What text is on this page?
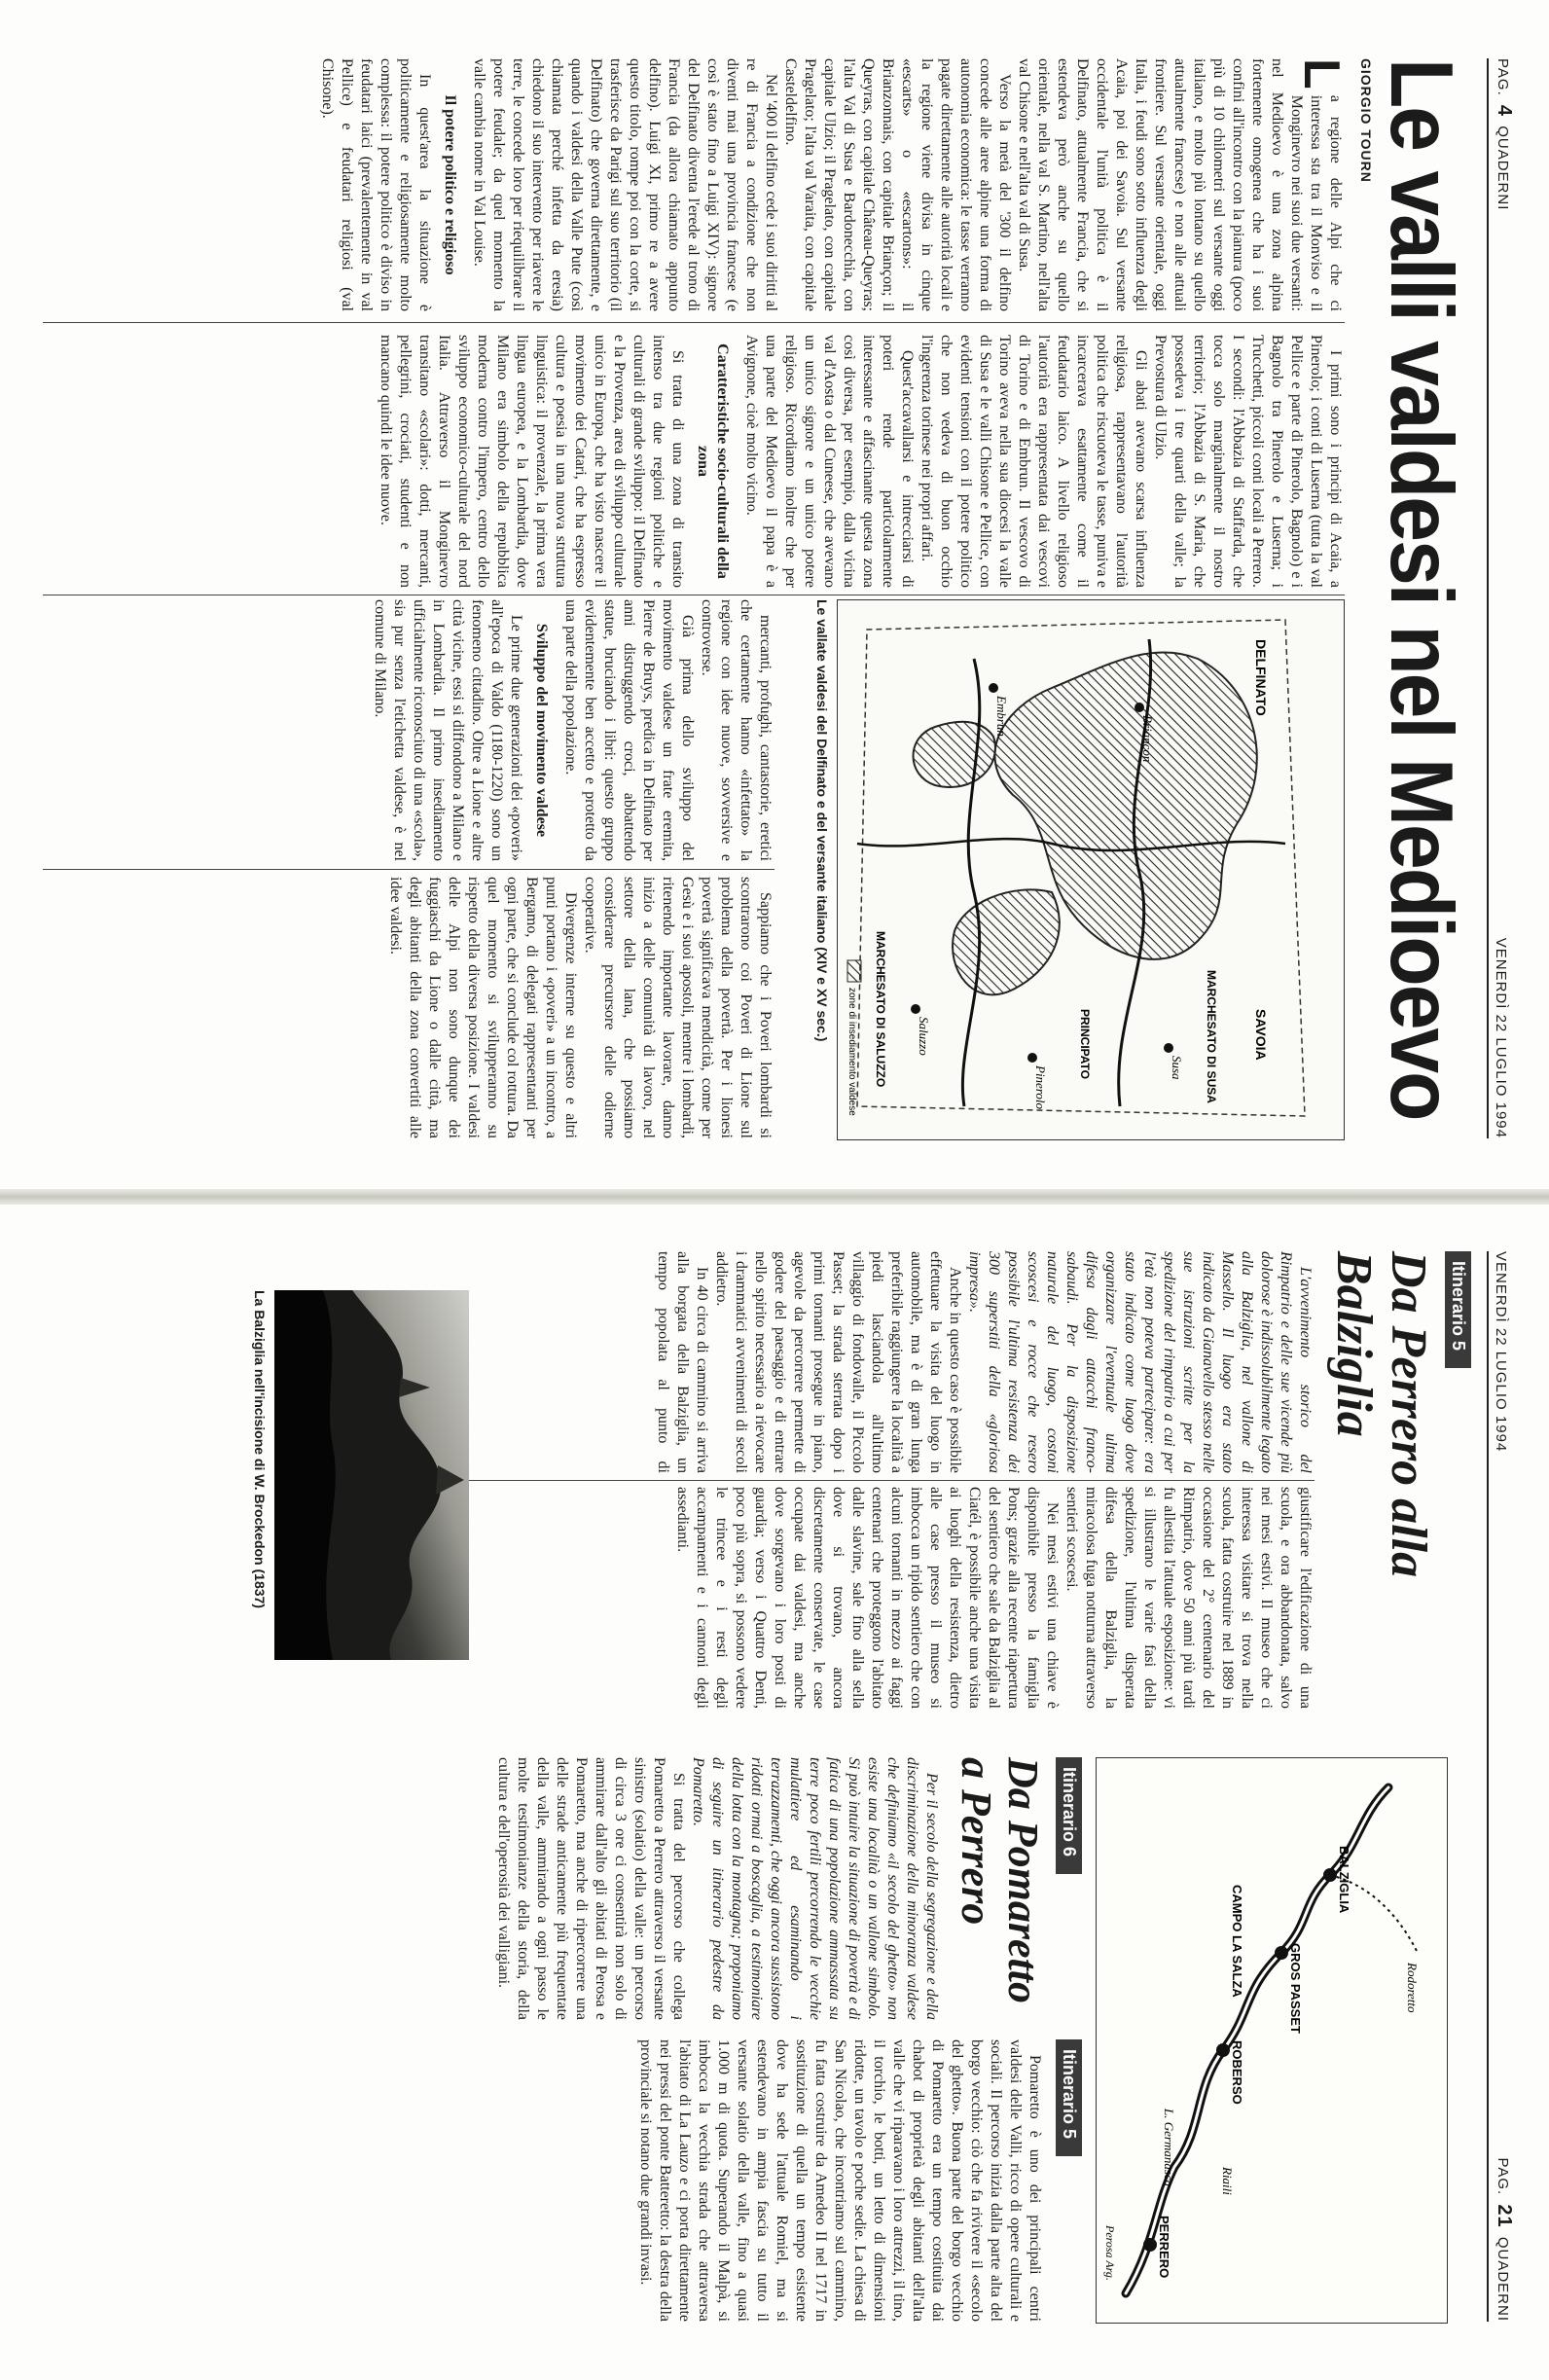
PAG. 4 QUADERNI
VENERDÌ 22 LUGLIO 1994
Le valli valdesi nel Medioevo
GIORGIO TOURN

La regione delle Alpi che ci interessa sta tra il Monviso e il Monginevro nei suoi due versanti: nel Medioevo è una zona alpina fortemente omogenea che ha i suoi confini all'incontro con la pianura (poco più di 10 chilometri sul versante oggi italiano, e molto più lontano su quello attualmente francese) e non alle attuali frontiere. Sul versante orientale, oggi Italia, i feudi sono sotto influenza degli Acaia, poi dei Savoia. Sul versante occidentale l'unità politica è il Delfinato, attualmente Francia, che si estendeva però anche su quello orientale, nella val S. Martino, nell'alta val Chisone e nell'alta val di Susa.

Verso la metà del '300 il delfino concede alle aree alpine una forma di autonomia economica: le tasse verranno pagate direttamente alle autorità locali e la regione viene divisa in cinque «escarts» o «escartons»: il Brianzonnais, con capitale Briançon; il Queyras, con capitale Château-Queyras; l'alta Val di Susa e Bardonecchia, con capitale Ulzio; il Pragelato, con capitale Pragelato; l'alta val Varaita, con capitale Casteldelfino.

Nel '400 il delfino cede i suoi diritti al re di Francia a condizione che non diventi mai una provincia francese (e così è stato fino a Luigi XIV): signore del Delfinato diventa l'erede al trono di Francia (da allora chiamato appunto delfino). Luigi XI, primo re a avere questo titolo, rompe poi con la corte, si trasferisce da Parigi sul suo territorio (il Delfinato) che governa direttamente, e quando i valdesi della Valle Pute (così chiamata perché infetta da eresia) chiedono il suo intervento per riavere le terre, le concede loro per riequilibrare il potere feudale; da quel momento la valle cambia nome in Val Louise.

Il potere politico e religioso

In quest'area la situazione è politicamente e religiosamente molto complessa: il potere politico è diviso in feudatari laici (prevalentemente in val Pellice) e feudatari religiosi (val Chisone).

I primi sono i principi di Acaia, a Pinerolo; i conti di Luserna (tutta la val Pellice e parte di Pinerolo, Bagnolo) e i Bagnolo tra Pinerolo e Luserna; i Trucchetti, piccoli conti locali a Perrero. I secondi: l'Abbazia di Staffarda, che tocca solo marginalmente il nostro territorio; l'Abbazia di S. Maria, che possedeva i tre quarti della valle; la Prevostura di Ulzio.

Gli abati avevano scarsa influenza religiosa, rappresentavano l'autorità politica che riscuoteva le tasse, puniva e incarcerava esattamente come il feudatario laico. A livello religioso l'autorità era rappresentata dai vescovi di Torino e di Embrun. Il vescovo di Torino aveva nella sua diocesi la valle di Susa e le valli Chisone e Pellice, con evidenti tensioni con il potere politico che non vedeva di buon occhio l'ingerenza torinese nei propri affari.

Quest'accavallarsi e intrecciarsi di poteri rende particolarmente interessante e affascinante questa zona così diversa, per esempio, dalla vicina val d'Aosta o dal Cuneese, che avevano un unico signore e un unico potere religioso. Ricordiamo inoltre che per una parte del Medioevo il papa è a Avignone, cioè molto vicino.

Caratteristiche socio-culturali della zona

Si tratta di una zona di transito intenso tra due regioni politiche e culturali di grande sviluppo: il Delfinato e la Provenza, area di sviluppo culturale unico in Europa, che ha visto nascere il movimento dei Catari, che ha espresso cultura e poesia in una nuova struttura linguistica: il provenzale, la prima vera lingua europea, e la Lombardia, dove Milano era simbolo della repubblica moderna contro l'impero, centro dello sviluppo economico-culturale del nord Italia. Attraverso il Monginevro transitano «scolari»: dotti, mercanti, pellegrini, crociati, studenti e non mancano quindi le idee nuove.

DELFINATO
SAVOIA
MARCHESATO DI SUSA
MARCHESATO DI SALUZZO	PRINCIPATO	Susa
Pinerolo
Saluzzo
Briançon
Embrun
zone di insediamento valdese
Le vallate valdesi del Delfinato e del versante italiano (XIV e XV sec.)

mercanti, profughi, cantastorie, eretici che certamente hanno «infettato» la regione con idee nuove, sovversive e controverse.

Già prima dello sviluppo del movimento valdese un frate eremita, Pierre de Bruys, predica in Delfinato per anni distruggendo croci, abbattendo statue, bruciando i libri: questo gruppo evidentemente ben accetto e protetto da una parte della popolazione.

Sviluppo del movimento valdese

Le prime due generazioni dei «poveri» all'epoca di Valdo (1180-1220) sono un fenomeno cittadino. Oltre a Lione e altre città vicine, essi si diffondono a Milano e in Lombardia. Il primo insediamento ufficialmente riconosciuto di una «scola», sia pur senza l'etichetta valdese, è nel comune di Milano.

Sappiamo che i Poveri lombardi si scontrarono coi Poveri di Lione sul problema della povertà. Per i lionesi povertà significava mendicità, come per Gesù e i suoi apostoli, mentre i lombardi, ritenendo importante lavorare, danno inizio a delle comunità di lavoro, nel settore della lana, che possiamo considerare precursore delle odierne cooperative.

Divergenze interne su questo e altri punti portano i «poveri» a un incontro, a Bergamo, di delegati rappresentanti per ogni parte, che si conclude col rottura. Da quel momento si svilupperanno su rispetto della diversa posizione. I valdesi delle Alpi non sono dunque dei fuggiaschi da Lione o dalle città, ma degli abitanti della zona convertiti alle idee valdesi.

VENERDÌ 22 LUGLIO 1994
PAG. 21 QUADERNI
Itinerario 5
Da Perrero alla Balziglia

L'avvenimento storico del Rimpatrio e delle sue vicende più dolorose è indissolubilmente legato alla Balziglia, nel vallone di Massello. Il luogo era stato indicato da Gianavello stesso nelle sue istruzioni scritte per la spedizione del rimpatrio a cui per l'età non poteva partecipare: era stato indicato come luogo dove organizzare l'eventuale ultima difesa dagli attacchi franco-sabaudi. Per la disposizione naturale del luogo, costoni scoscesi e rocce che resero possibile l'ultima resistenza dei 300 superstiti della «gloriosa impresa».

Anche in questo caso è possibile effettuare la visita del luogo in automobile, ma è di gran lunga preferibile raggiungere la località a piedi lasciandola all'ultimo villaggio di fondovalle, il Piccolo Passet; la strada sterrata dopo i primi tornanti prosegue in piano, agevole da percorrere permette di godere del paesaggio e di entrare nello spirito necessario a rievocare i drammatici avvenimenti di secoli addietro.

In 40 circa di cammino si arriva alla borgata della Balziglia, un tempo popolata al punto di giustificare l'edificazione di una scuola, e ora abbandonata, salvo nei mesi estivi. Il museo che ci interessa visitare si trova nella scuola, fatta costruire nel 1889 in occasione del 2° centenario del Rimpatrio, dove 50 anni più tardi fu allestita l'attuale esposizione: vi si illustrano le varie fasi della spedizione, l'ultima disperata difesa della Balziglia, la miracolosa fuga notturna attraverso sentieri scoscesi.

Nei mesi estivi una chiave è disponibile presso la famiglia Pons; grazie alla recente riapertura del sentiero che sale da Balziglia al Ciatél, è possibile anche una visita ai luoghi della resistenza, dietro alle case presso il museo si imbocca un ripido sentiero che con alcuni tornanti in mezzo ai faggi centenari che proteggono l'abitato dalle slavine, sale fino alla sella dove si trovano, ancora discretamente conservate, le case occupate dai valdesi, ma anche dove sorgevano i loro posti di guardia; verso i Quattro Denti, poco più sopra, si possono vedere le trincee e i resti degli accampamenti e i cannoni degli assedianti.

BALZIGLIA
GROS PASSET
ROBERSO
CAMPO LA SALZA
L. Germanasca
Rodoretto
Riaili
PERRERO
Perosa Arg.
Itinerario 6
Da Pomaretto a Perrero

Per il secolo della segregazione e della discriminazione della minoranza valdese che definiamo «il secolo del ghetto» non esiste una località o un vallone simbolo. Si può intuire la situazione di povertà e di fatica di una popolazione ammassata su terre poco fertili percorrendo le vecchie mulattiere ed esaminando i terrazzamenti, che oggi ancora sussistono ridotti ormai a boscaglia, a testimoniare della lotta con la montagna; proponiamo di seguire un itinerario pedestre da Pomaretto.

Si tratta del percorso che collega Pomaretto a Perrero attraverso il versante sinistro (solatio) della valle: un percorso di circa 3 ore ci consentirà non solo di ammirare dall'alto gli abitati di Perosa e Pomaretto, ma anche di ripercorrere una delle strade anticamente più frequentate della valle, ammirando a ogni passo le molte testimonianze della storia, della cultura e dell'operosità dei valligiani.

Itinerario 5

Pomaretto è uno dei principali centri valdesi delle Valli, ricco di opere culturali e sociali. Il percorso inizia dalla parte alta del borgo vecchio: ciò che fa rivivere il «secolo del ghetto». Buona parte del borgo vecchio di Pomaretto era un tempo costituita dai chabot di proprietà degli abitanti dell'alta valle che vi riparavano i loro attrezzi, il tino, il torchio, le botti, un letto di dimensioni ridotte, un tavolo e poche sedie. La chiesa di San Nicolao, che incontriamo sul cammino, fu fatta costruire da Amedeo II nel 1717 in sostituzione di quella un tempo esistente dove ha sede l'attuale Romiel, ma si estendevano in ampia fascia su tutto il versante solatio della valle, fino a quasi 1.000 m di quota. Superando il Malpà, si imbocca la vecchia strada che attraversa l'abitato di La Lauzo e ci porta direttamente nei pressi del ponte Batteretto: la destra della provinciale si notano due grandi invasi.

La Balziglia nell'incisione di W. Brockedon (1837)
